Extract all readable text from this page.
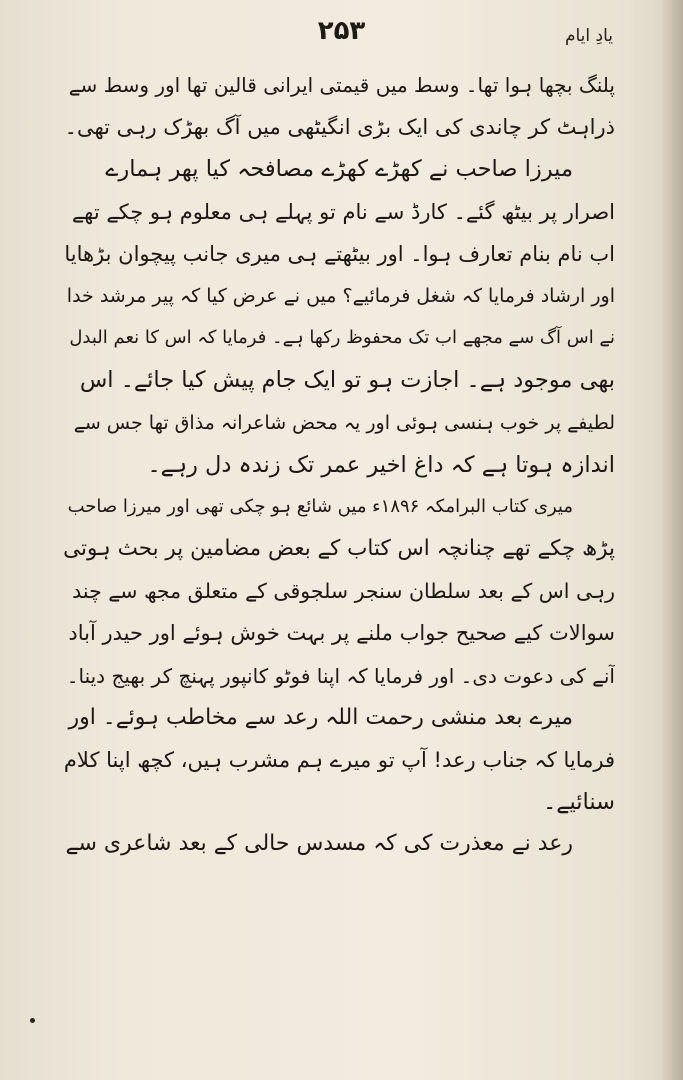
یادِ ایام
۲۵۳
پلنگ بچھا ہوا تھا۔ وسط میں قیمتی ایرانی قالین تھا اور وسط سے
ذراہٹ کر چاندی کی ایک بڑی انگیٹھی میں آگ بھڑک رہی تھی۔
میرزا صاحب نے کھڑے کھڑے مصافحہ کیا پھر ہمارے
اصرار پر بیٹھ گئے۔ کارڈ سے نام تو پہلے ہی معلوم ہو چکے تھے
اب نام بنام تعارف ہوا۔ اور بیٹھتے ہی میری جانب پیچوان بڑھایا
اور ارشاد فرمایا کہ شغل فرمائیے؟ میں نے عرض کیا کہ پیر مرشد خدا
نے اس آگ سے مجھے اب تک محفوظ رکھا ہے۔ فرمایا کہ اس کا نعم البدل
بھی موجود ہے۔ اجازت ہو تو ایک جام پیش کیا جائے۔ اس
لطیفے پر خوب ہنسی ہوئی اور یہ محض شاعرانہ مذاق تھا جس سے
اندازہ ہوتا ہے کہ داغ اخیر عمر تک زندہ دل رہے۔
میری کتاب البرامکہ ۱۸۹۶ء میں شائع ہو چکی تھی اور میرزا صاحب
پڑھ چکے تھے چنانچہ اس کتاب کے بعض مضامین پر بحث ہوتی
رہی اس کے بعد سلطان سنجر سلجوقی کے متعلق مجھ سے چند
سوالات کیے صحیح جواب ملنے پر بہت خوش ہوئے اور حیدر آباد
آنے کی دعوت دی۔ اور فرمایا کہ اپنا فوٹو کانپور پہنچ کر بھیج دینا۔
میرے بعد منشی رحمت اللہ رعد سے مخاطب ہوئے۔ اور
فرمایا کہ جناب رعد! آپ تو میرے ہم مشرب ہیں، کچھ اپنا کلام
سنائیے۔
رعد نے معذرت کی کہ مسدس حالی کے بعد شاعری سے
